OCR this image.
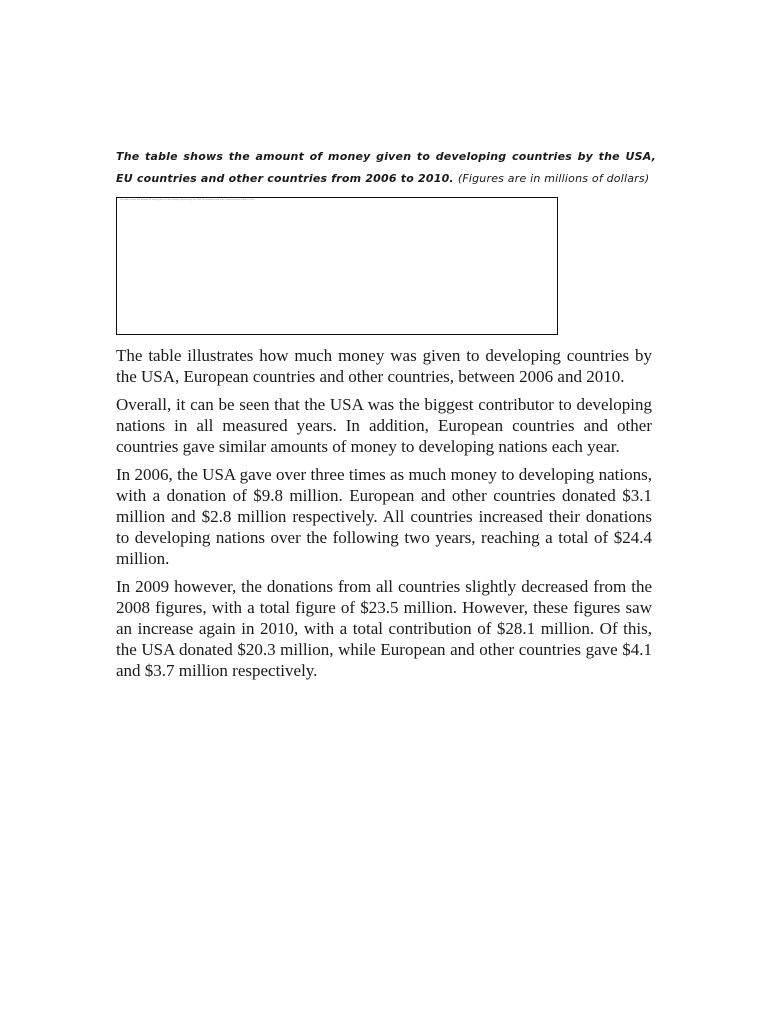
The table shows the amount of money given to developing countries by the USA, EU countries and other countries from 2006 to 2010. (Figures are in millions of dollars)
The table shows the amount of money given to developing countries by the USA, EU countries and other countries from 2006 to 2010.

The table illustrates how much money was given to developing countries by the USA, European countries and other countries, between 2006 and 2010.

Overall, it can be seen that the USA was the biggest contributor to developing nations in all measured years. In addition, European countries and other countries gave similar amounts of money to developing nations each year.

In 2006, the USA gave over three times as much money to developing nations, with a donation of $9.8 million. European and other countries donated $3.1 million and $2.8 million respectively. All countries increased their donations to developing nations over the following two years, reaching a total of $24.4 million.

In 2009 however, the donations from all countries slightly decreased from the 2008 figures, with a total figure of $23.5 million. However, these figures saw an increase again in 2010, with a total contribution of $28.1 million. Of this, the USA donated $20.3 million, while European and other countries gave $4.1 and $3.7 million respectively.
